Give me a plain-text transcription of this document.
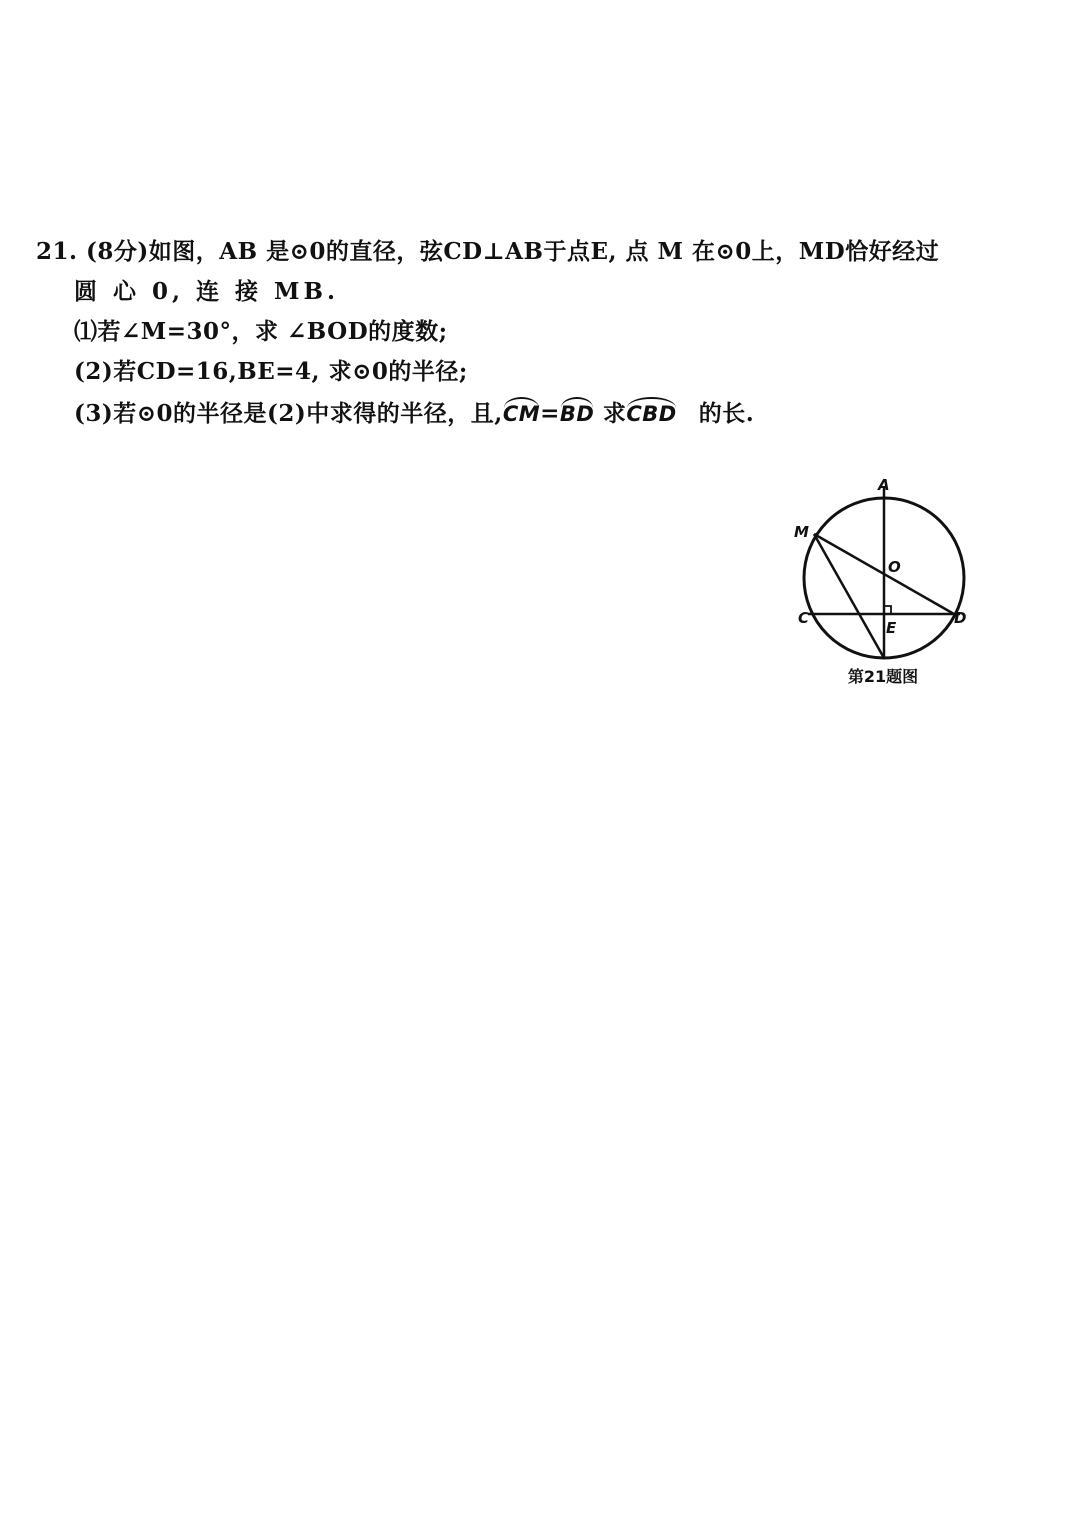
21. (8分)如图，AB 是⊙0的直径，弦CD⊥AB于点E, 点 M 在⊙0上，MD恰好经过
圆 心 0, 连 接 MB.
⑴若∠M=30°，求 ∠BOD的度数;
(2)若CD=16,BE=4, 求⊙0的半径;
(3)若⊙0的半径是(2)中求得的半径，且,CM=BD 求CBD 的长.
A
M
O
C
E
D
第21题图
